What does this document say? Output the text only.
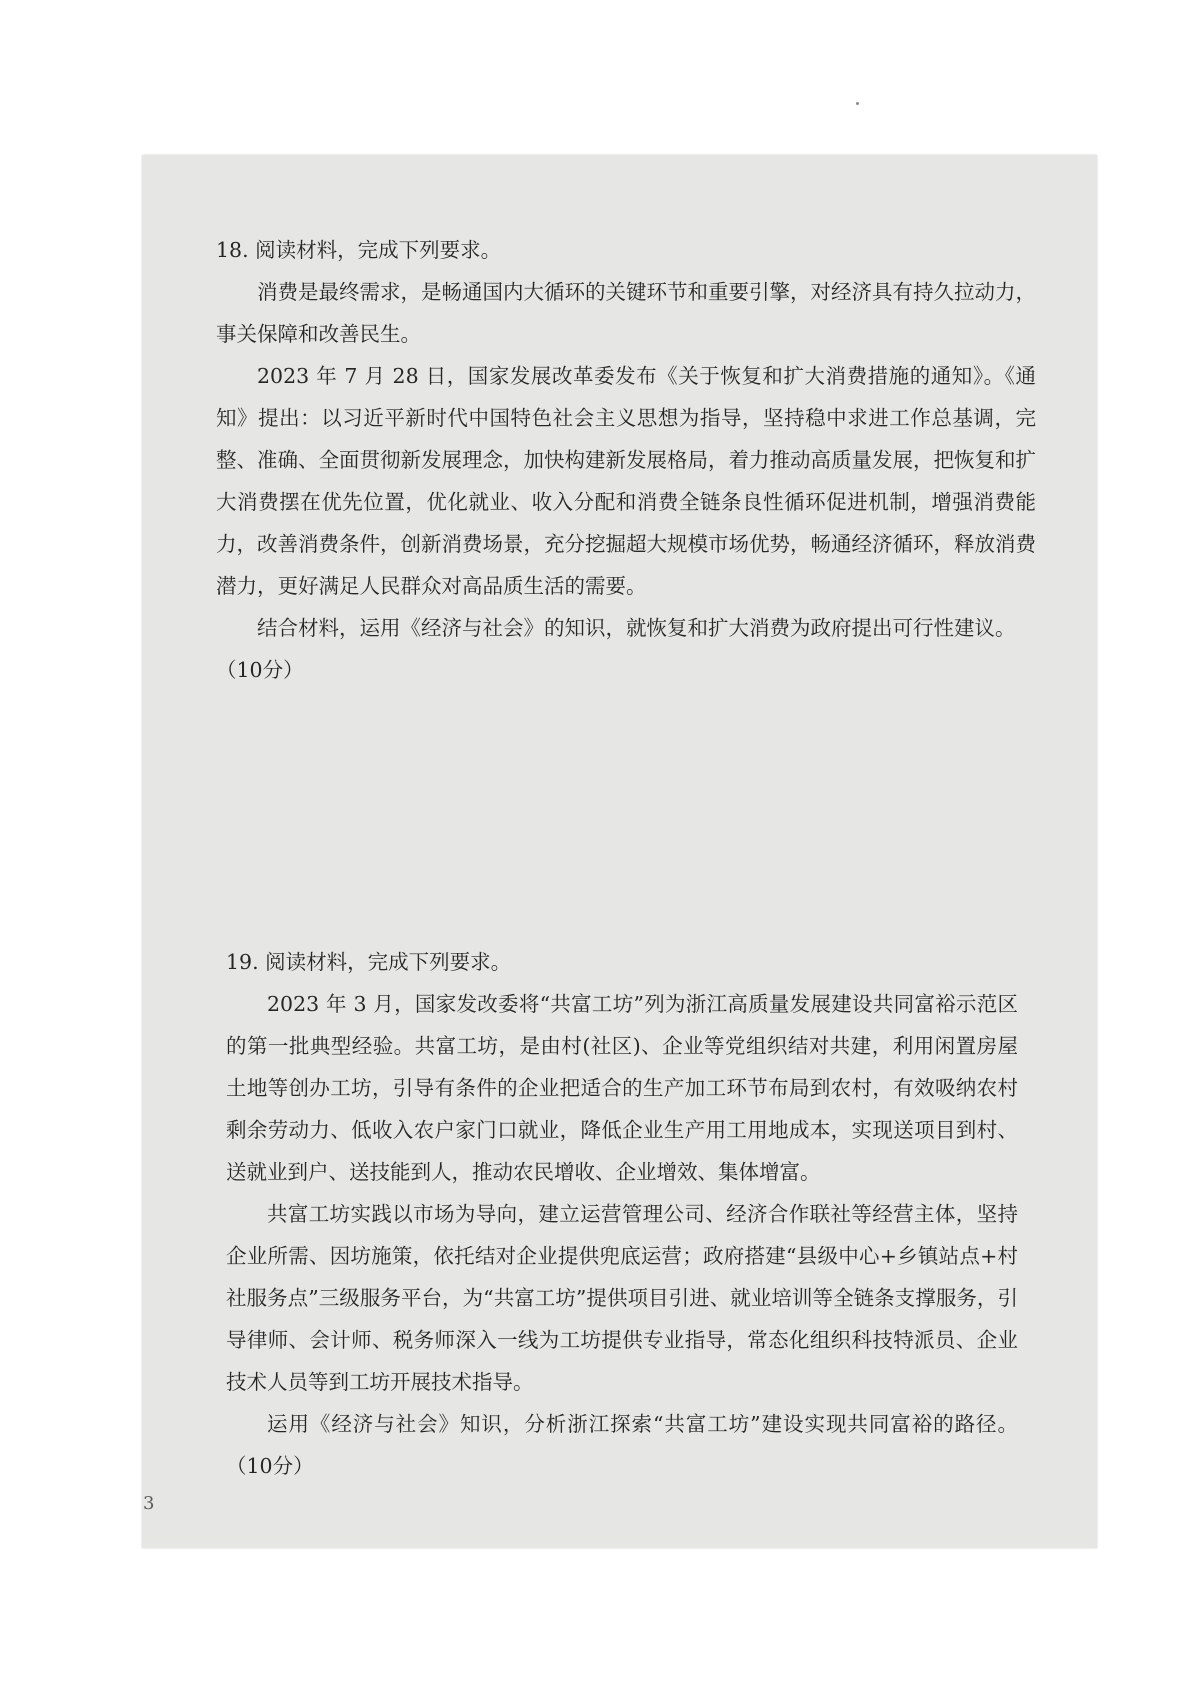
18. 阅读材料，完成下列要求。

消费是最终需求，是畅通国内大循环的关键环节和重要引擎，对经济具有持久拉动力，事关保障和改善民生。

2023 年 7 月 28 日，国家发展改革委发布《关于恢复和扩大消费措施的通知》。《通知》提出：以习近平新时代中国特色社会主义思想为指导，坚持稳中求进工作总基调，完整、准确、全面贯彻新发展理念，加快构建新发展格局，着力推动高质量发展，把恢复和扩大消费摆在优先位置，优化就业、收入分配和消费全链条良性循环促进机制，增强消费能力，改善消费条件，创新消费场景，充分挖掘超大规模市场优势，畅通经济循环，释放消费潜力，更好满足人民群众对高品质生活的需要。

结合材料，运用《经济与社会》的知识，就恢复和扩大消费为政府提出可行性建议。

（10分）

19. 阅读材料，完成下列要求。

2023 年 3 月，国家发改委将“共富工坊”列为浙江高质量发展建设共同富裕示范区的第一批典型经验。共富工坊，是由村(社区)、企业等党组织结对共建，利用闲置房屋土地等创办工坊，引导有条件的企业把适合的生产加工环节布局到农村，有效吸纳农村剩余劳动力、低收入农户家门口就业，降低企业生产用工用地成本，实现送项目到村、送就业到户、送技能到人，推动农民增收、企业增效、集体增富。

共富工坊实践以市场为导向，建立运营管理公司、经济合作联社等经营主体，坚持企业所需、因坊施策，依托结对企业提供兜底运营；政府搭建“县级中心+乡镇站点+村社服务点”三级服务平台，为“共富工坊”提供项目引进、就业培训等全链条支撑服务，引导律师、会计师、税务师深入一线为工坊提供专业指导，常态化组织科技特派员、企业技术人员等到工坊开展技术指导。

运用《经济与社会》知识，分析浙江探索“共富工坊”建设实现共同富裕的路径。（10分）

3
